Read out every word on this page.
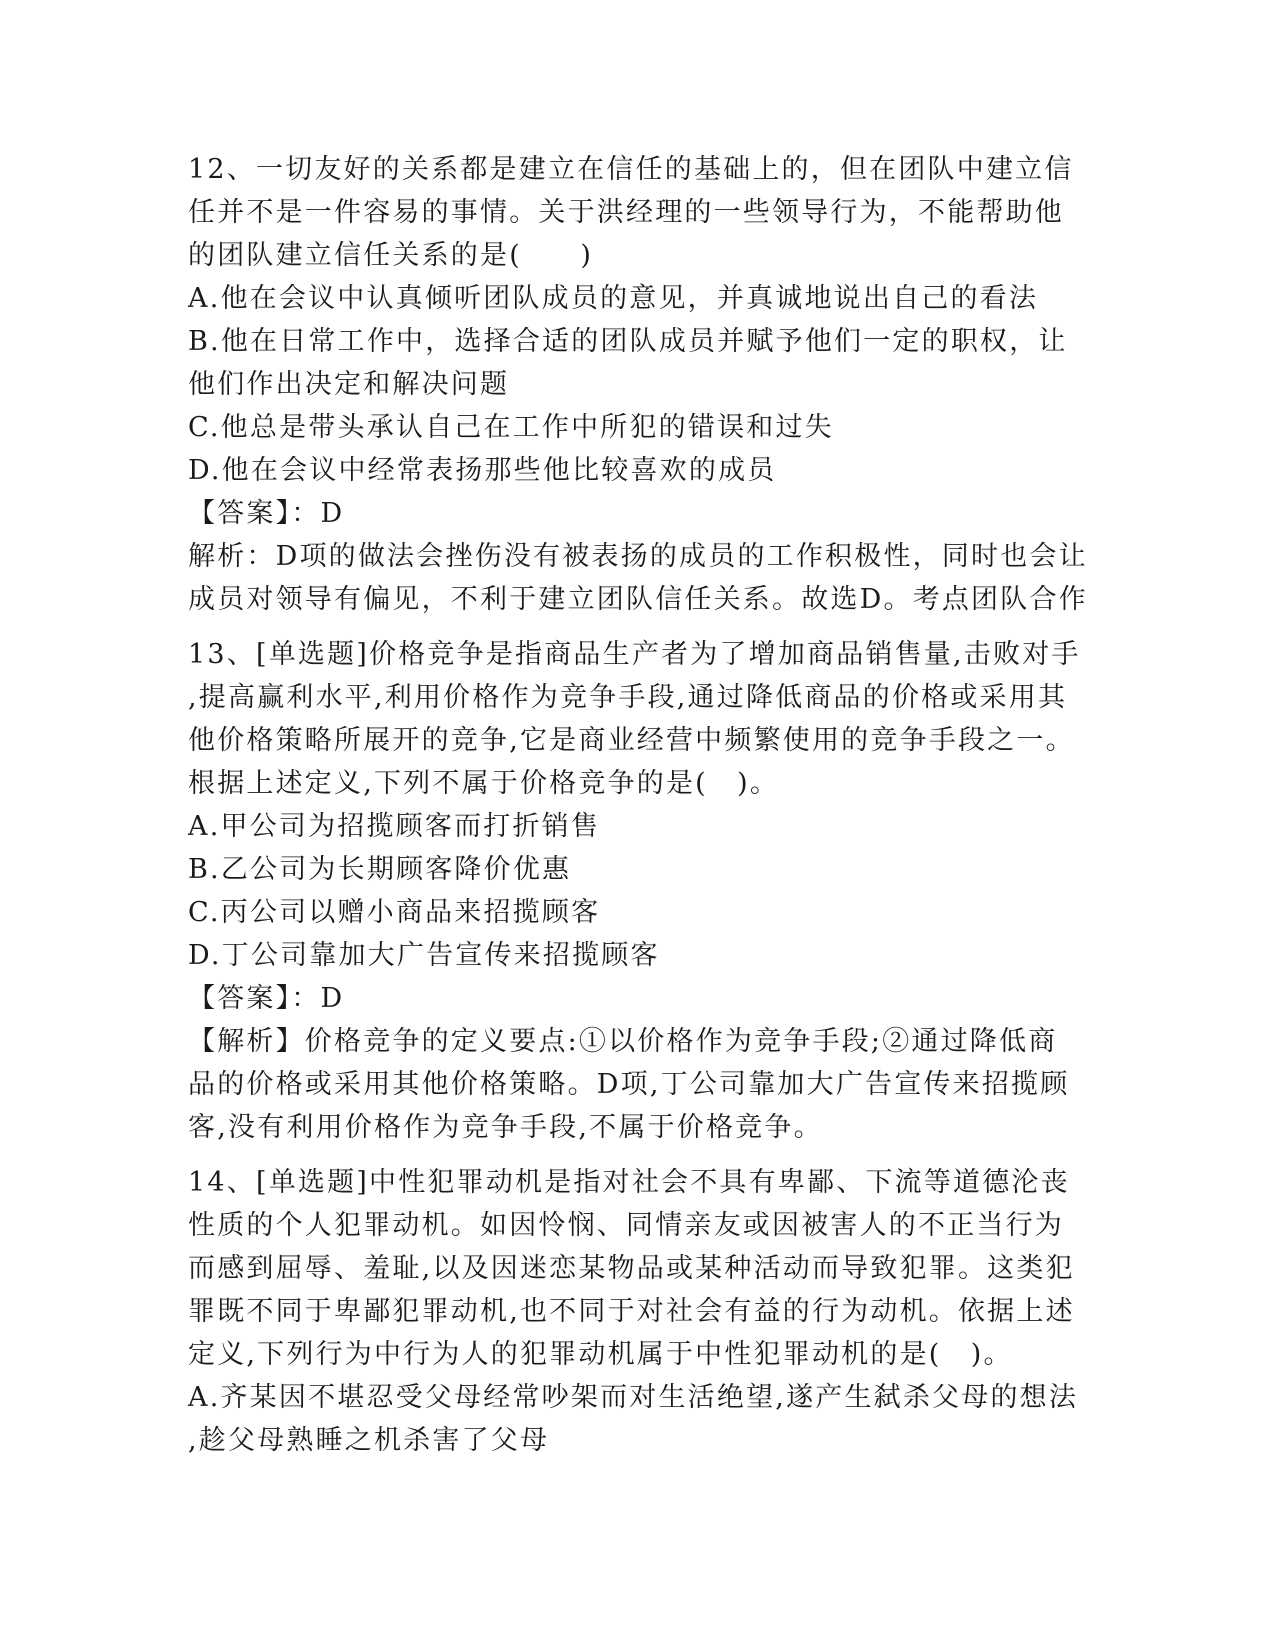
12、一切友好的关系都是建立在信任的基础上的，但在团队中建立信
任并不是一件容易的事情。关于洪经理的一些领导行为，不能帮助他
的团队建立信任关系的是(　　)
A.他在会议中认真倾听团队成员的意见，并真诚地说出自己的看法
B.他在日常工作中，选择合适的团队成员并赋予他们一定的职权，让
他们作出决定和解决问题
C.他总是带头承认自己在工作中所犯的错误和过失
D.他在会议中经常表扬那些他比较喜欢的成员
【答案】：D
解析：D项的做法会挫伤没有被表扬的成员的工作积极性，同时也会让
成员对领导有偏见，不利于建立团队信任关系。故选D。考点团队合作
13、[单选题]价格竞争是指商品生产者为了增加商品销售量,击败对手
,提高赢利水平,利用价格作为竞争手段,通过降低商品的价格或采用其
他价格策略所展开的竞争,它是商业经营中频繁使用的竞争手段之一。
根据上述定义,下列不属于价格竞争的是(　)。
A.甲公司为招揽顾客而打折销售
B.乙公司为长期顾客降价优惠
C.丙公司以赠小商品来招揽顾客
D.丁公司靠加大广告宣传来招揽顾客
【答案】：D
【解析】价格竞争的定义要点:①以价格作为竞争手段;②通过降低商
品的价格或采用其他价格策略。D项,丁公司靠加大广告宣传来招揽顾
客,没有利用价格作为竞争手段,不属于价格竞争。
14、[单选题]中性犯罪动机是指对社会不具有卑鄙、下流等道德沦丧
性质的个人犯罪动机。如因怜悯、同情亲友或因被害人的不正当行为
而感到屈辱、羞耻,以及因迷恋某物品或某种活动而导致犯罪。这类犯
罪既不同于卑鄙犯罪动机,也不同于对社会有益的行为动机。依据上述
定义,下列行为中行为人的犯罪动机属于中性犯罪动机的是(　)。
A.齐某因不堪忍受父母经常吵架而对生活绝望,遂产生弑杀父母的想法
,趁父母熟睡之机杀害了父母
